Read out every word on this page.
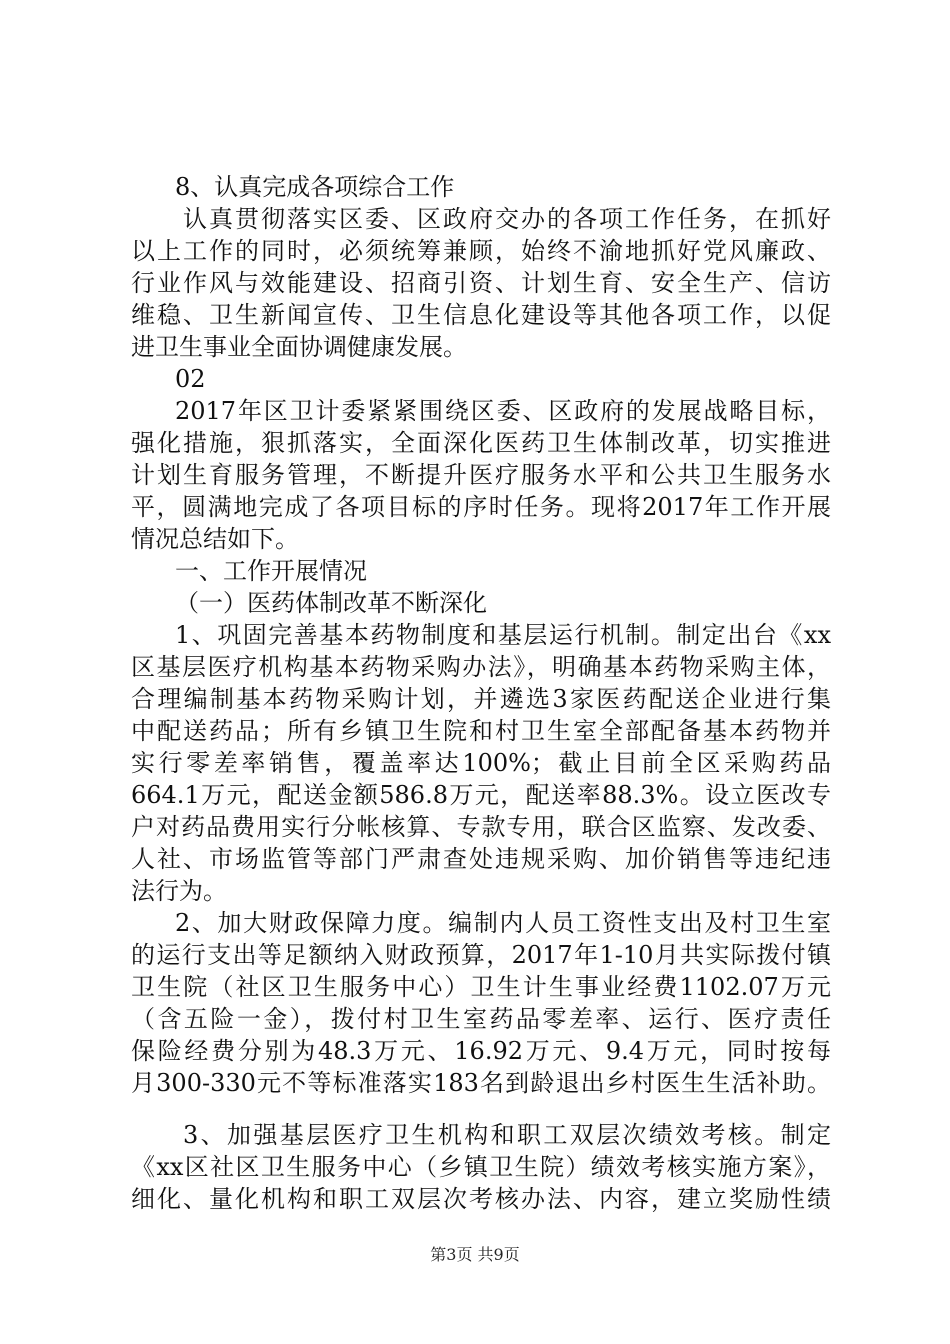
8、认真完成各项综合工作
认真贯彻落实区委、区政府交办的各项工作任务，在抓好
以上工作的同时，必须统筹兼顾，始终不渝地抓好党风廉政、
行业作风与效能建设、招商引资、计划生育、安全生产、信访
维稳、卫生新闻宣传、卫生信息化建设等其他各项工作，以促
进卫生事业全面协调健康发展。
02
2017年区卫计委紧紧围绕区委、区政府的发展战略目标，
强化措施，狠抓落实，全面深化医药卫生体制改革，切实推进
计划生育服务管理，不断提升医疗服务水平和公共卫生服务水
平，圆满地完成了各项目标的序时任务。现将2017年工作开展
情况总结如下。
一、工作开展情况
（一）医药体制改革不断深化
1、巩固完善基本药物制度和基层运行机制。制定出台《xx
区基层医疗机构基本药物采购办法》，明确基本药物采购主体，
合理编制基本药物采购计划，并遴选3家医药配送企业进行集
中配送药品；所有乡镇卫生院和村卫生室全部配备基本药物并
实行零差率销售，覆盖率达100%；截止目前全区采购药品
664.1万元，配送金额586.8万元，配送率88.3%。设立医改专
户对药品费用实行分帐核算、专款专用，联合区监察、发改委、
人社、市场监管等部门严肃查处违规采购、加价销售等违纪违
法行为。
2、加大财政保障力度。编制内人员工资性支出及村卫生室
的运行支出等足额纳入财政预算，2017年1-10月共实际拨付镇
卫生院（社区卫生服务中心）卫生计生事业经费1102.07万元
（含五险一金），拨付村卫生室药品零差率、运行、医疗责任
保险经费分别为48.3万元、16.92万元、9.4万元，同时按每
月300-330元不等标准落实183名到龄退出乡村医生生活补助。
3、加强基层医疗卫生机构和职工双层次绩效考核。制定
《xx区社区卫生服务中心（乡镇卫生院）绩效考核实施方案》，
细化、量化机构和职工双层次考核办法、内容，建立奖励性绩
第3页 共9页
